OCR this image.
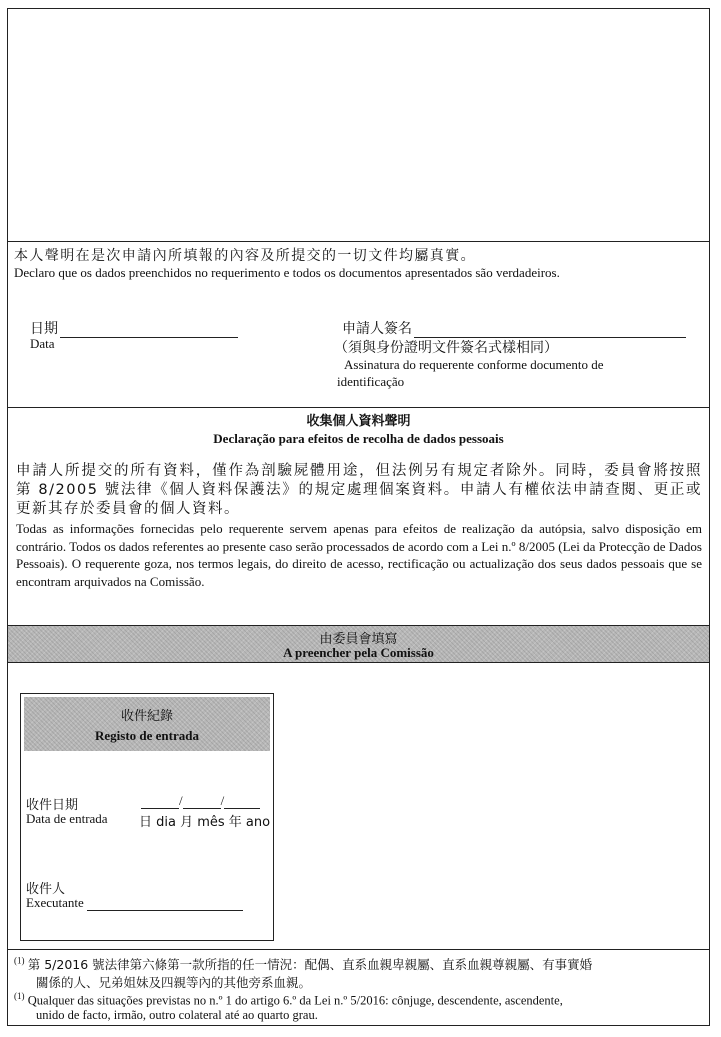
本人聲明在是次申請內所填報的內容及所提交的一切文件均屬真實。
Declaro que os dados preenchidos no requerimento e todos os documentos apresentados são verdadeiros.
日期
Data
申請人簽名
（須與身份證明文件簽名式樣相同）
Assinatura do requerente conforme documento de
identificação
收集個人資料聲明
Declaração para efeitos de recolha de dados pessoais
申請人所提交的所有資料，僅作為剖驗屍體用途，但法例另有規定者除外。同時，委員會將按照第 8/2005 號法律《個人資料保護法》的規定處理個案資料。申請人有權依法申請查閱、更正或更新其存於委員會的個人資料。
Todas as informações fornecidas pelo requerente servem apenas para efeitos de realização da autópsia, salvo disposição em contrário. Todos os dados referentes ao presente caso serão processados de acordo com a Lei n.º 8/2005 (Lei da Protecção de Dados Pessoais). O requerente goza, nos termos legais, do direito de acesso, rectificação ou actualização dos seus dados pessoais que se encontram arquivados na Comissão.
由委員會填寫
A preencher pela Comissão
收件紀錄
Registo de entrada
收件日期
Data de entrada
/	/
日 dia 月 mês 年 ano
收件人
Executante
$^{(1)}$ 第 5/2016 號法律第六條第一款所指的任一情況：配偶、直系血親卑親屬、直系血親尊親屬、有事實婚
關係的人、兄弟姐妹及四親等內的其他旁系血親。
$^{(1)}$ Qualquer das situações previstas no n.º 1 do artigo 6.º da Lei n.º 5/2016: cônjuge, descendente, ascendente,
unido de facto, irmão, outro colateral até ao quarto grau.
